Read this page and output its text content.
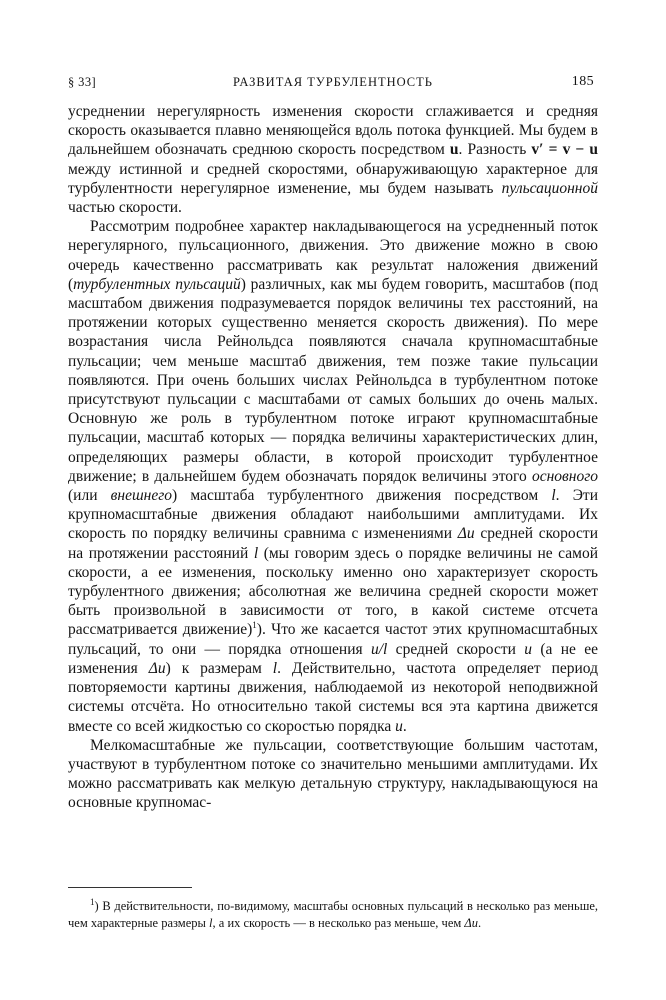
§ 33]	РАЗВИТАЯ ТУРБУЛЕНТНОСТЬ	185

усреднении нерегулярность изменения скорости сглаживается и средняя скорость оказывается плавно меняющейся вдоль потока функцией. Мы будем в дальнейшем обозначать среднюю скорость посредством u. Разность v′ = v − u между истинной и средней скоростями, обнаруживающую характерное для турбулентности нерегулярное изменение, мы будем называть пульсационной частью скорости.

Рассмотрим подробнее характер накладывающегося на усредненный поток нерегулярного, пульсационного, движения. Это движение можно в свою очередь качественно рассматривать как результат наложения движений (турбулентных пульсаций) различных, как мы будем говорить, масштабов (под масштабом движения подразумевается порядок величины тех расстояний, на протяжении которых существенно меняется скорость движения). По мере возрастания числа Рейнольдса появляются сначала крупномасштабные пульсации; чем меньше масштаб движения, тем позже такие пульсации появляются. При очень больших числах Рейнольдса в турбулентном потоке присутствуют пульсации с масштабами от самых больших до очень малых. Основную же роль в турбулентном потоке играют крупномасштабные пульсации, масштаб которых — порядка величины характеристических длин, определяющих размеры области, в которой происходит турбулентное движение; в дальнейшем будем обозначать порядок величины этого основного (или внешнего) масштаба турбулентного движения посредством l. Эти крупномасштабные движения обладают наибольшими амплитудами. Их скорость по порядку величины сравнима с изменениями Δu средней скорости на протяжении расстояний l (мы говорим здесь о порядке величины не самой скорости, а ее изменения, поскольку именно оно характеризует скорость турбулентного движения; абсолютная же величина средней скорости может быть произвольной в зависимости от того, в какой системе отсчета рассматривается движение)$^1$). Что же касается частот этих крупномасштабных пульсаций, то они — порядка отношения u/l средней скорости u (а не ее изменения Δu) к размерам l. Действительно, частота определяет период повторяемости картины движения, наблюдаемой из некоторой неподвижной системы отсчёта. Но относительно такой системы вся эта картина движется вместе со всей жидкостью со скоростью порядка u.

Мелкомасштабные же пульсации, соответствующие большим частотам, участвуют в турбулентном потоке со значительно меньшими амплитудами. Их можно рассматривать как мелкую детальную структуру, накладывающуюся на основные крупномас-

$^1$) В действительности, по-видимому, масштабы основных пульсаций в несколько раз меньше, чем характерные размеры l, а их скорость — в несколько раз меньше, чем Δu.
